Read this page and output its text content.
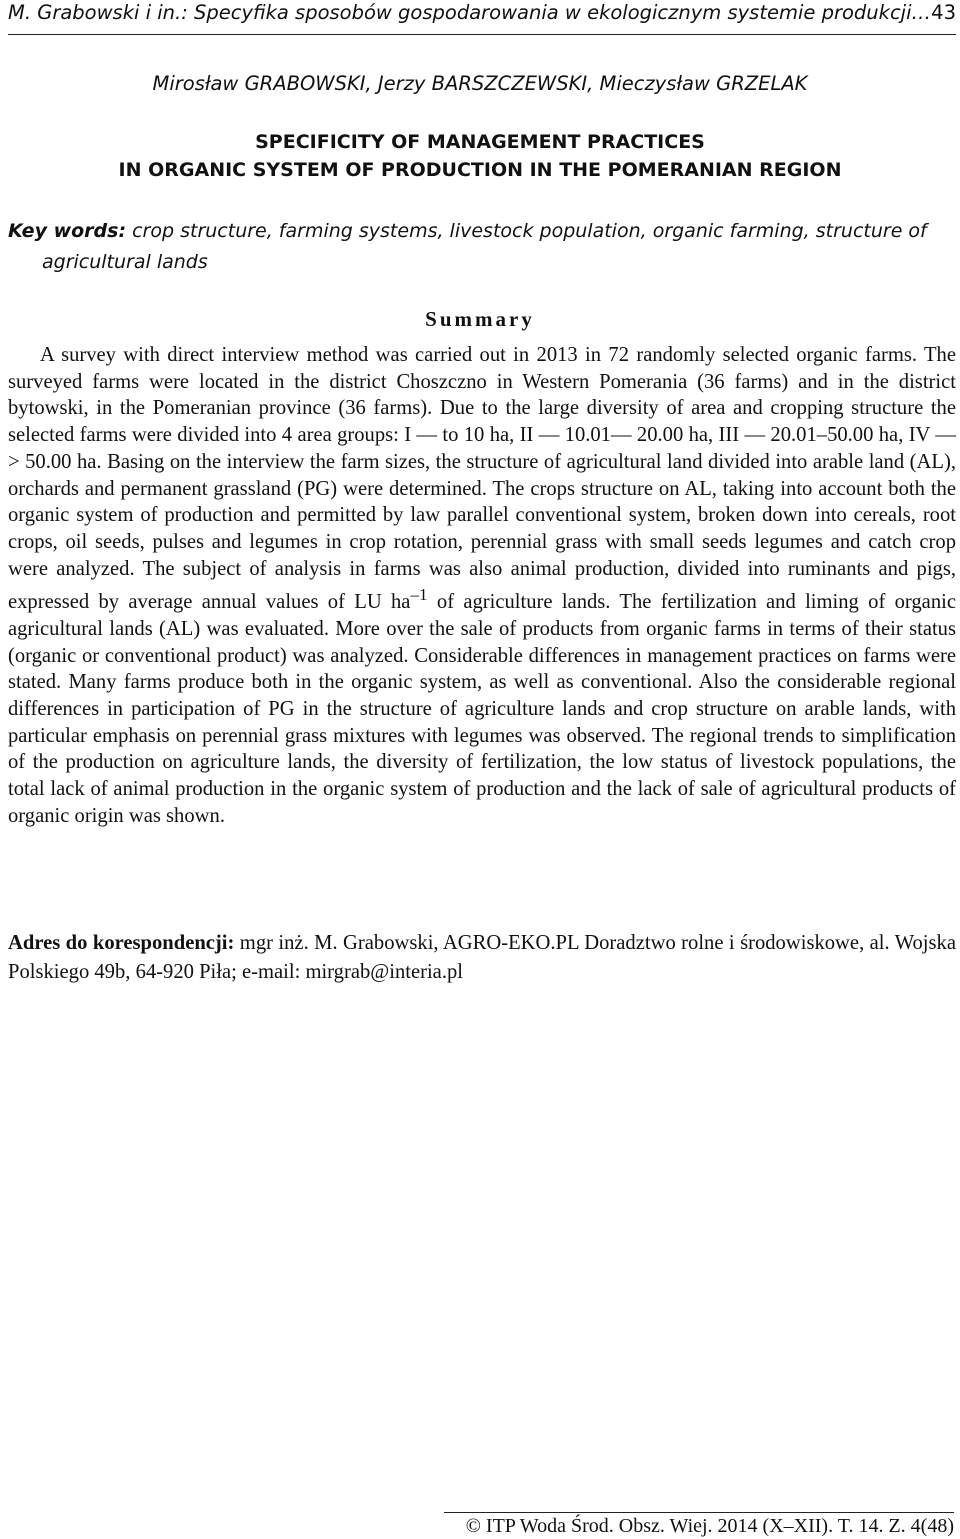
M. Grabowski i in.: Specyfika sposobów gospodarowania w ekologicznym systemie produkcji… 43
Mirosław GRABOWSKI, Jerzy BARSZCZEWSKI, Mieczysław GRZELAK
SPECIFICITY OF MANAGEMENT PRACTICES
IN ORGANIC SYSTEM OF PRODUCTION IN THE POMERANIAN REGION
Key words: crop structure, farming systems, livestock population, organic farming, structure of agricultural lands
Summary

A survey with direct interview method was carried out in 2013 in 72 randomly selected organic farms. The surveyed farms were located in the district Choszczno in Western Pomerania (36 farms) and in the district bytowski, in the Pomeranian province (36 farms). Due to the large diversity of area and cropping structure the selected farms were divided into 4 area groups: I — to 10 ha, II — 10.01— 20.00 ha, III — 20.01–50.00 ha, IV — > 50.00 ha. Basing on the interview the farm sizes, the structure of agricultural land divided into arable land (AL), orchards and permanent grassland (PG) were determined. The crops structure on AL, taking into account both the organic system of production and permitted by law parallel conventional system, broken down into cereals, root crops, oil seeds, pulses and legumes in crop rotation, perennial grass with small seeds legumes and catch crop were analyzed. The subject of analysis in farms was also animal production, divided into ruminants and pigs, expressed by average annual values of LU $ha^{-1}$ of agriculture lands. The fertilization and liming of organic agricultural lands (AL) was evaluated. More over the sale of products from organic farms in terms of their status (organic or conventional product) was analyzed. Considerable differences in management practices on farms were stated. Many farms produce both in the organic system, as well as conventional. Also the considerable regional differences in participation of PG in the structure of agriculture lands and crop structure on arable lands, with particular emphasis on perennial grass mixtures with legumes was observed. The regional trends to simplification of the production on agriculture lands, the diversity of fertilization, the low status of livestock populations, the total lack of animal production in the organic system of production and the lack of sale of agricultural products of organic origin was shown.

Adres do korespondencji: mgr inż. M. Grabowski, AGRO-EKO.PL Doradztwo rolne i środowiskowe, al. Wojska Polskiego 49b, 64-920 Piła; e-mail: mirgrab@interia.pl

© ITP Woda Środ. Obsz. Wiej. 2014 (X–XII). T. 14. Z. 4(48)
